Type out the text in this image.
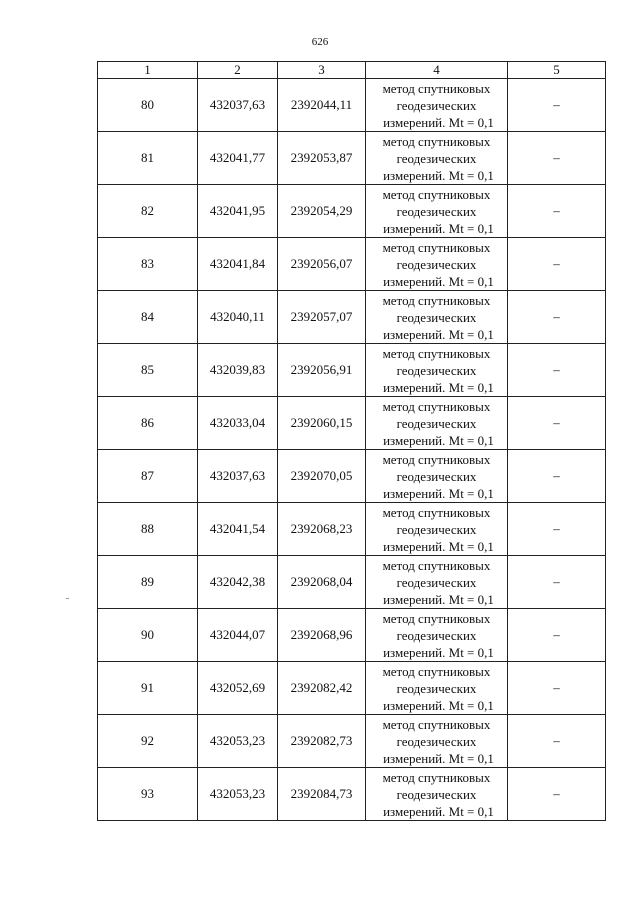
626
1	2	3	4	5
80	432037,63	2392044,11	метод спутниковых
геодезических
измерений. Mt = 0,1	–
81	432041,77	2392053,87	метод спутниковых
геодезических
измерений. Mt = 0,1	–
82	432041,95	2392054,29	метод спутниковых
геодезических
измерений. Mt = 0,1	–
83	432041,84	2392056,07	метод спутниковых
геодезических
измерений. Mt = 0,1	–
84	432040,11	2392057,07	метод спутниковых
геодезических
измерений. Mt = 0,1	–
85	432039,83	2392056,91	метод спутниковых
геодезических
измерений. Mt = 0,1	–
86	432033,04	2392060,15	метод спутниковых
геодезических
измерений. Mt = 0,1	–
87	432037,63	2392070,05	метод спутниковых
геодезических
измерений. Mt = 0,1	–
88	432041,54	2392068,23	метод спутниковых
геодезических
измерений. Mt = 0,1	–
89	432042,38	2392068,04	метод спутниковых
геодезических
измерений. Mt = 0,1	–
90	432044,07	2392068,96	метод спутниковых
геодезических
измерений. Mt = 0,1	–
91	432052,69	2392082,42	метод спутниковых
геодезических
измерений. Mt = 0,1	–
92	432053,23	2392082,73	метод спутниковых
геодезических
измерений. Mt = 0,1	–
93	432053,23	2392084,73	метод спутниковых
геодезических
измерений. Mt = 0,1	–
